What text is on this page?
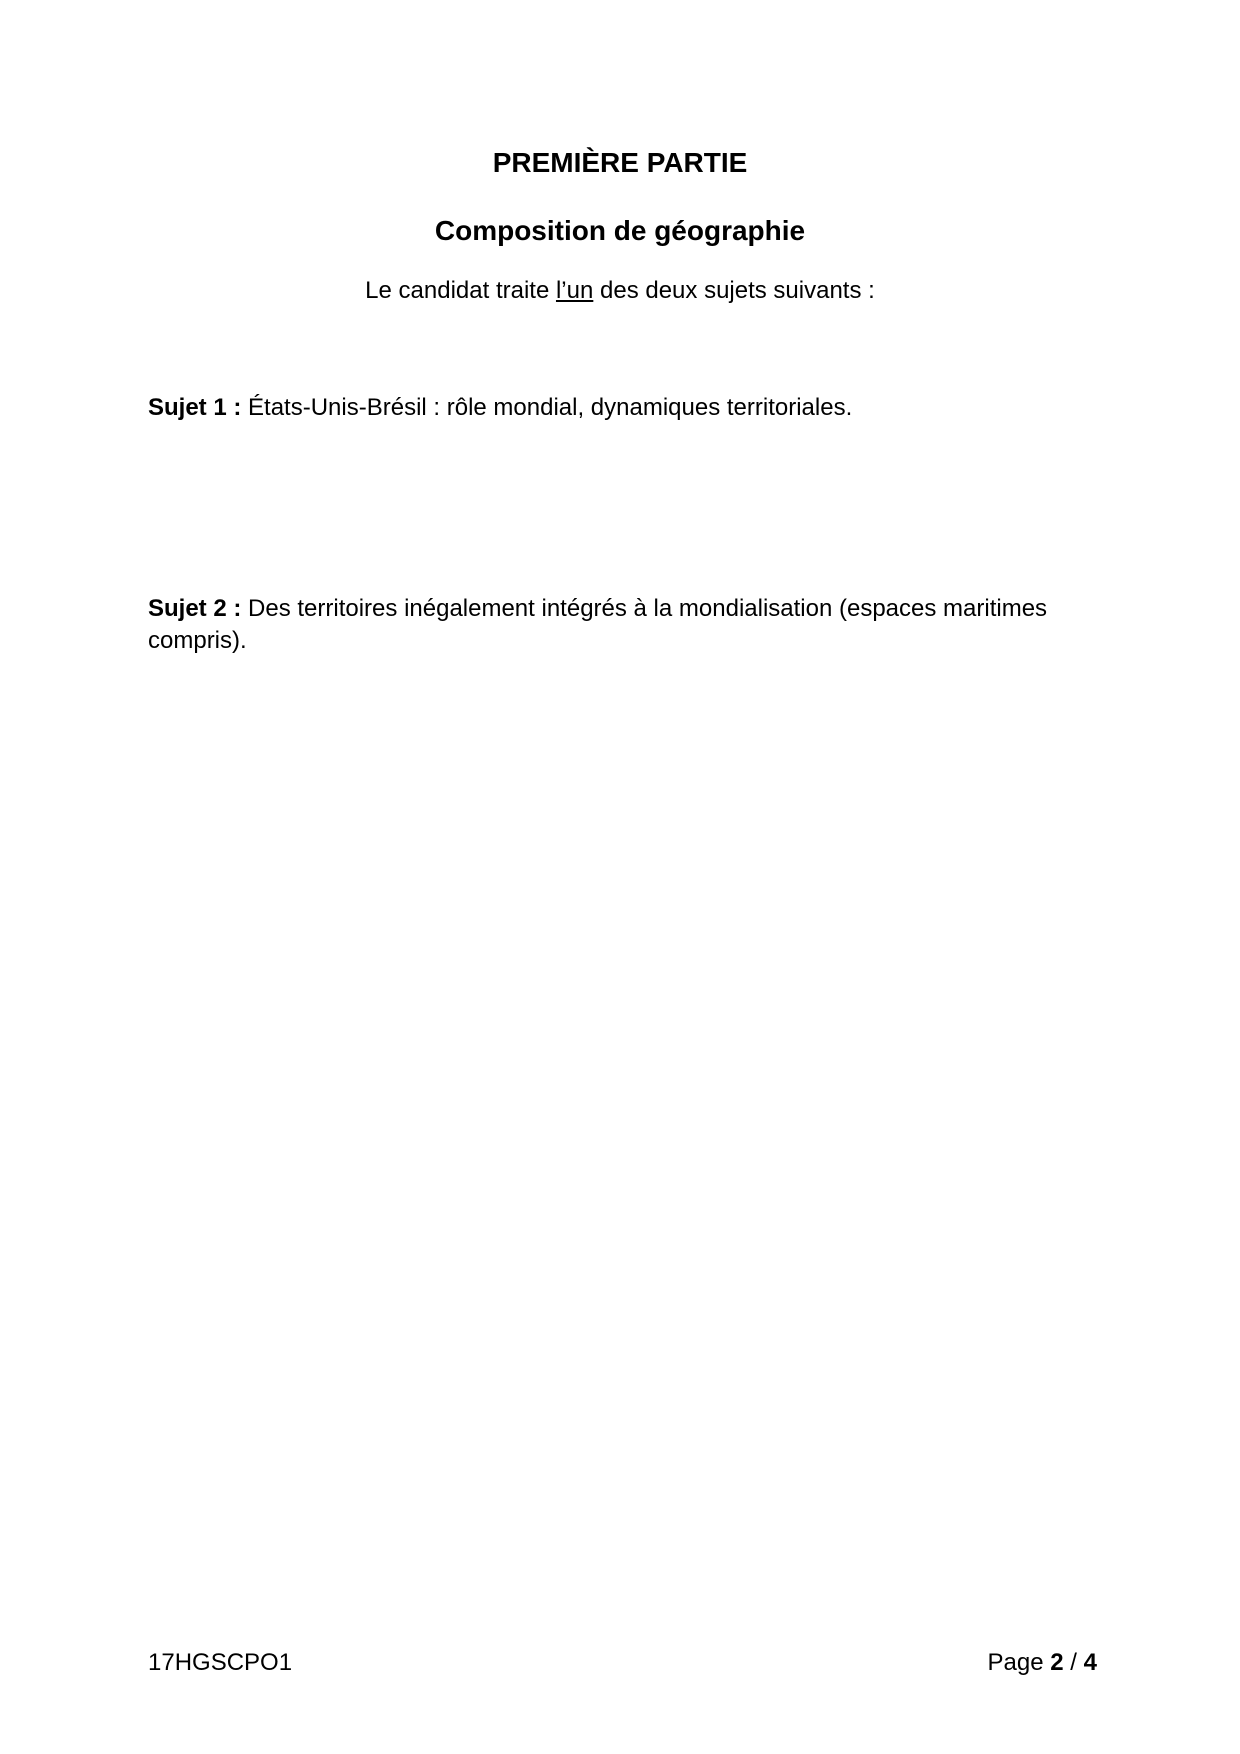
PREMIÈRE PARTIE
Composition de géographie
Le candidat traite l’un des deux sujets suivants :
Sujet 1 : États-Unis-Brésil : rôle mondial, dynamiques territoriales.
Sujet 2 : Des territoires inégalement intégrés à la mondialisation (espaces maritimes compris).
17HGSCPO1	Page 2 / 4
